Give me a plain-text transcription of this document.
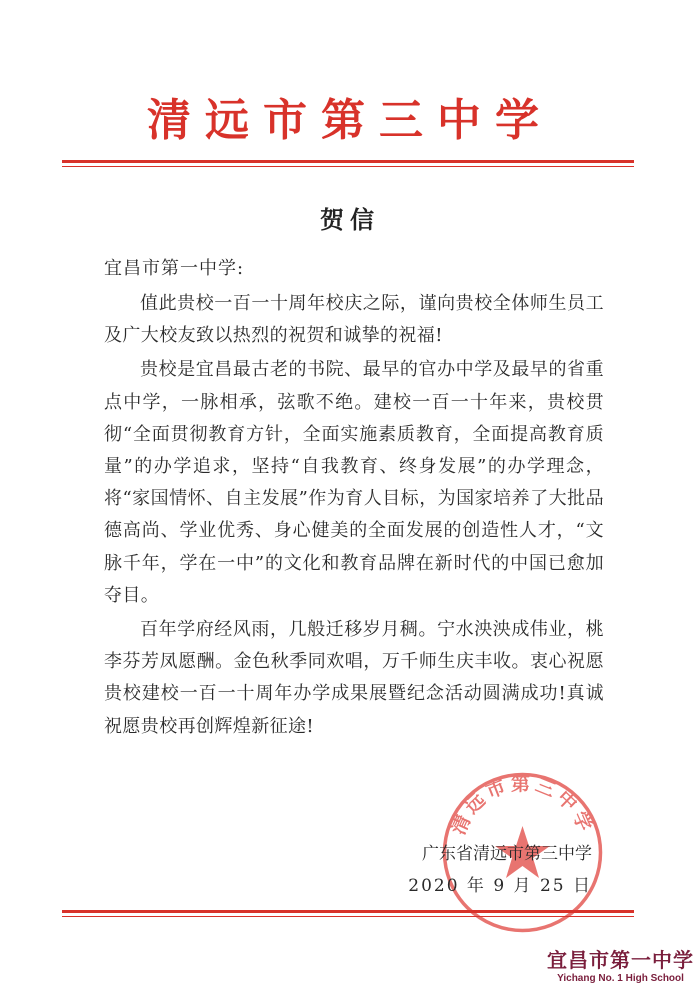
清远市第三中学
贺信
宜昌市第一中学:

值此贵校一百一十周年校庆之际，谨向贵校全体师生员工及广大校友致以热烈的祝贺和诚挚的祝福!

贵校是宜昌最古老的书院、最早的官办中学及最早的省重点中学，一脉相承，弦歌不绝。建校一百一十年来，贵校贯彻“全面贯彻教育方针，全面实施素质教育，全面提高教育质量”的办学追求，坚持“自我教育、终身发展”的办学理念，将“家国情怀、自主发展”作为育人目标，为国家培养了大批品德高尚、学业优秀、身心健美的全面发展的创造性人才，“文脉千年，学在一中”的文化和教育品牌在新时代的中国已愈加夺目。

百年学府经风雨，几般迁移岁月稠。宁水泱泱成伟业，桃李芬芳凤愿酬。金色秋季同欢唱，万千师生庆丰收。衷心祝愿贵校建校一百一十周年办学成果展暨纪念活动圆满成功!真诚祝愿贵校再创辉煌新征途!

清远市第三中学
广东省清远市第三中学
2020 年 9 月 25 日
宜昌市第一中学
Yichang No. 1 High School
